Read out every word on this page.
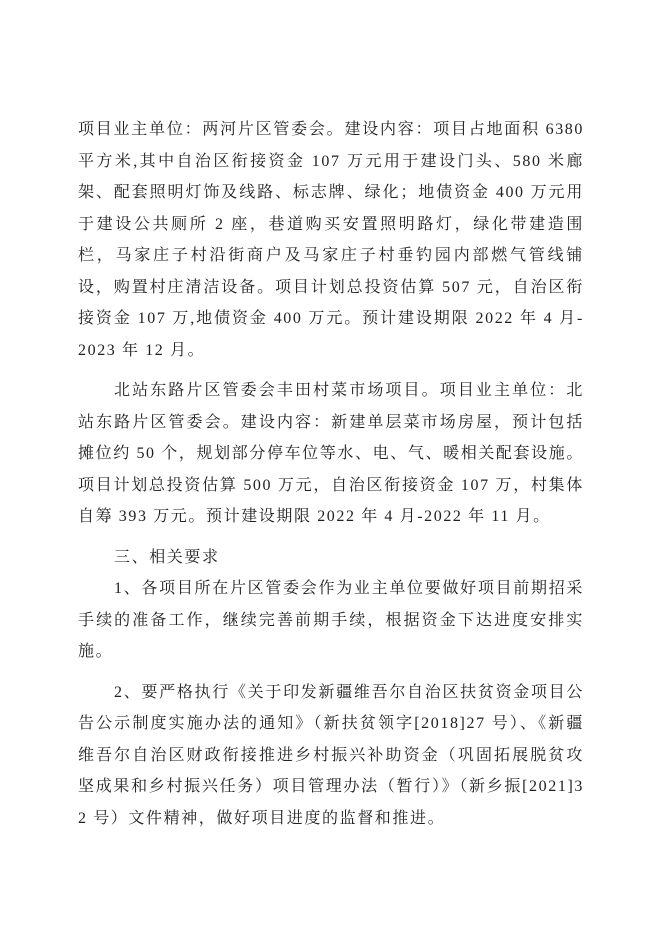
项目业主单位：两河片区管委会。建设内容：项目占地面积 6380 平方米,其中自治区衔接资金 107 万元用于建设门头、580 米廊架、配套照明灯饰及线路、标志牌、绿化；地债资金 400 万元用于建设公共厕所 2 座，巷道购买安置照明路灯，绿化带建造围栏，马家庄子村沿街商户及马家庄子村垂钓园内部燃气管线铺设，购置村庄清洁设备。项目计划总投资估算 507 元，自治区衔接资金 107 万,地债资金 400 万元。预计建设期限 2022 年 4 月-2023 年 12 月。

北站东路片区管委会丰田村菜市场项目。项目业主单位：北站东路片区管委会。建设内容：新建单层菜市场房屋，预计包括摊位约 50 个，规划部分停车位等水、电、气、暖相关配套设施。项目计划总投资估算 500 万元，自治区衔接资金 107 万，村集体自筹 393 万元。预计建设期限 2022 年 4 月-2022 年 11 月。

三、相关要求

1、各项目所在片区管委会作为业主单位要做好项目前期招采手续的准备工作，继续完善前期手续，根据资金下达进度安排实施。

2、要严格执行《关于印发新疆维吾尔自治区扶贫资金项目公告公示制度实施办法的通知》（新扶贫领字[2018]27 号）、《新疆维吾尔自治区财政衔接推进乡村振兴补助资金（巩固拓展脱贫攻坚成果和乡村振兴任务）项目管理办法（暂行）》（新乡振[2021]32 号）文件精神，做好项目进度的监督和推进。
